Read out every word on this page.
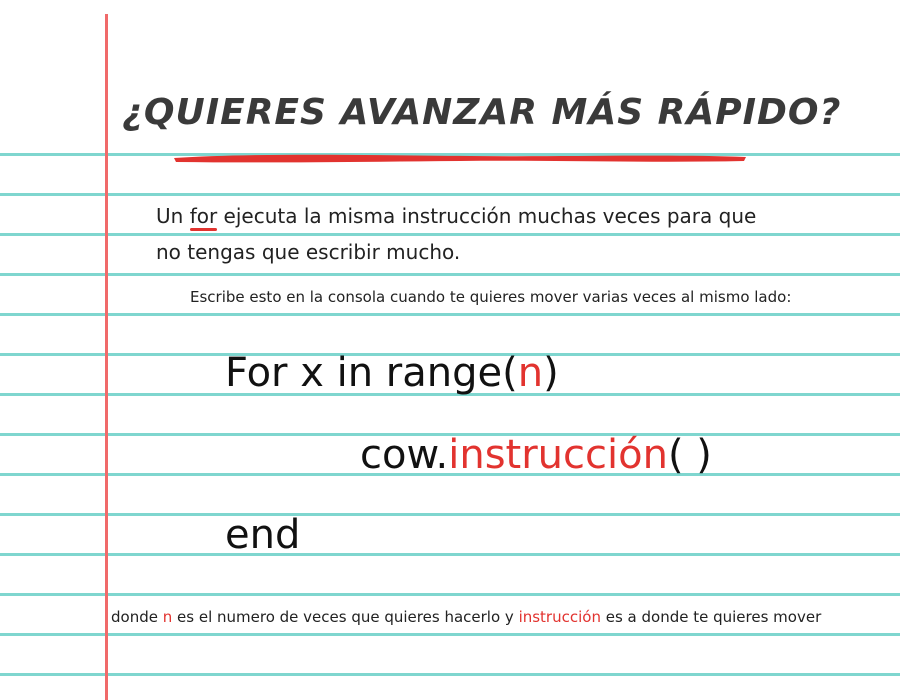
¿QUIERES AVANZAR MÁS RÁPIDO?
Un for ejecuta la misma instrucción muchas veces para que
no tengas que escribir mucho.
Escribe esto en la consola cuando te quieres mover varias veces al mismo lado:
For x in range(n)
cow.instrucción( )
end
donde n es el numero de veces que quieres hacerlo y instrucción es a donde te quieres mover
